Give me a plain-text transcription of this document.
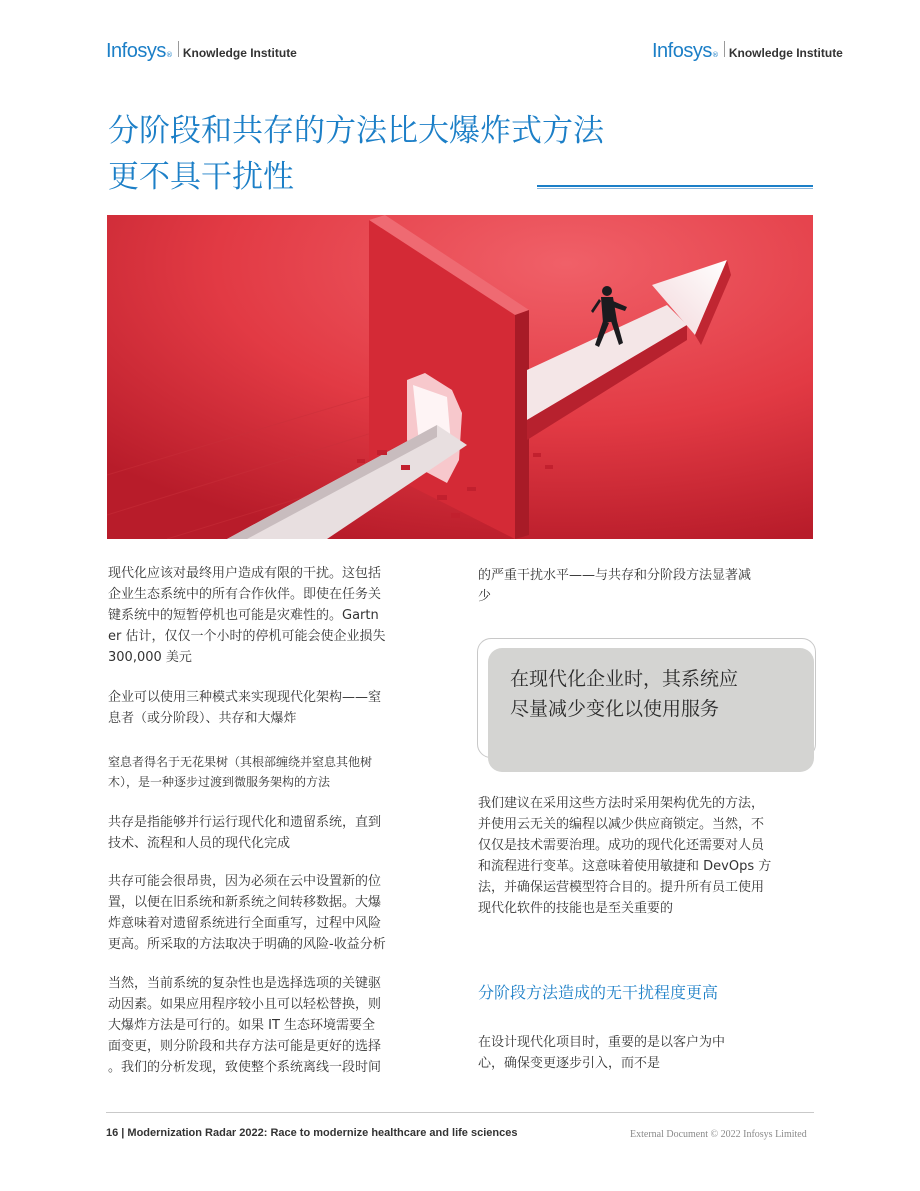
Infosys ® Knowledge Institute	Infosys ® Knowledge Institute
分阶段和共存的方法比大爆炸式方法
更不具干扰性

现代化应该对最终用户造成有限的干扰。这包括
企业生态系统中的所有合作伙伴。即使在任务关
键系统中的短暂停机也可能是灾难性的。Gartn
er 估计，仅仅一个小时的停机可能会使企业损失
300,000 美元

企业可以使用三种模式来实现现代化架构——窒
息者（或分阶段）、共存和大爆炸

窒息者得名于无花果树（其根部缠绕并窒息其他树
木），是一种逐步过渡到微服务架构的方法

共存是指能够并行运行现代化和遗留系统，直到
技术、流程和人员的现代化完成

共存可能会很昂贵，因为必须在云中设置新的位
置，以便在旧系统和新系统之间转移数据。大爆
炸意味着对遗留系统进行全面重写，过程中风险
更高。所采取的方法取决于明确的风险-收益分析

当然，当前系统的复杂性也是选择选项的关键驱
动因素。如果应用程序较小且可以轻松替换，则
大爆炸方法是可行的。如果 IT 生态环境需要全
面变更，则分阶段和共存方法可能是更好的选择
。我们的分析发现，致使整个系统离线一段时间

的严重干扰水平——与共存和分阶段方法显著减
少

在现代化企业时，其系统应
尽量减少变化以使用服务

我们建议在采用这些方法时采用架构优先的方法，
并使用云无关的编程以减少供应商锁定。当然，不
仅仅是技术需要治理。成功的现代化还需要对人员
和流程进行变革。这意味着使用敏捷和 DevOps 方
法，并确保运营模型符合目的。提升所有员工使用
现代化软件的技能也是至关重要的

在设计现代化项目时，重要的是以客户为中
心，确保变更逐步引入，而不是

分阶段方法造成的无干扰程度更高
16 | Modernization Radar 2022: Race to modernize healthcare and life sciences	External Document © 2022 Infosys Limited
